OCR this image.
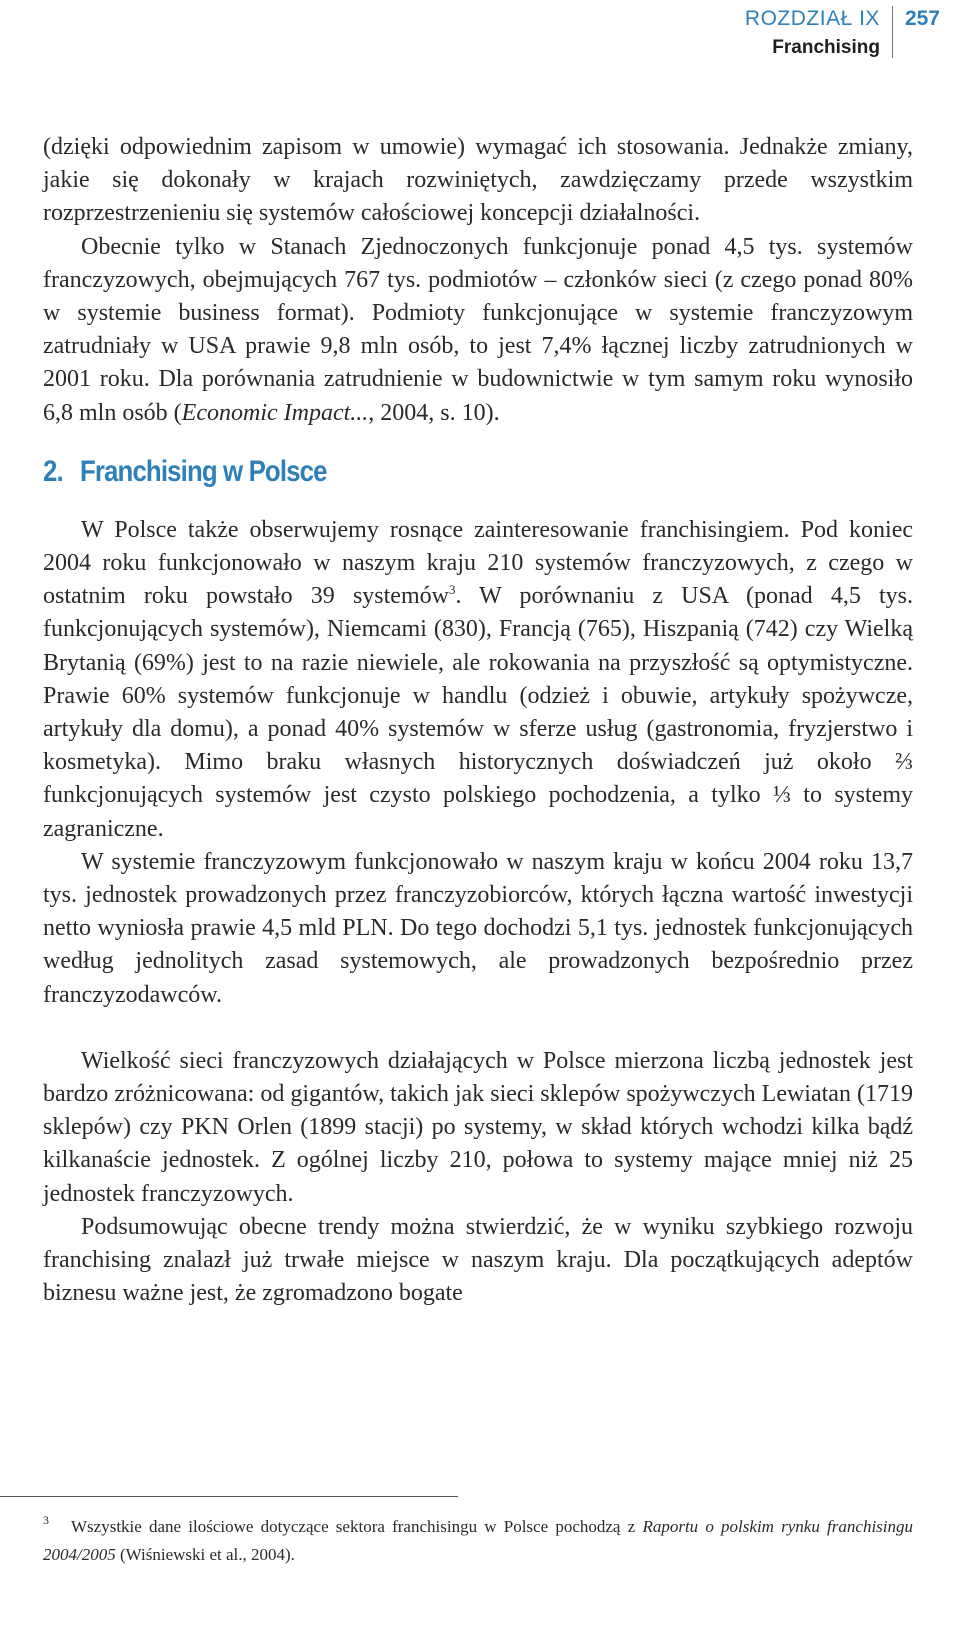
ROZDZIAŁ IX
Franchising
257

(dzięki odpowiednim zapisom w umowie) wymagać ich stosowania. Jednakże zmiany, jakie się dokonały w krajach rozwiniętych, zawdzięczamy przede wszystkim rozprzestrzenieniu się systemów całościowej koncepcji działalności.

Obecnie tylko w Stanach Zjednoczonych funkcjonuje ponad 4,5 tys. systemów franczyzowych, obejmujących 767 tys. podmiotów – członków sieci (z czego ponad 80% w systemie business format). Podmioty funkcjonujące w systemie franczyzowym zatrudniały w USA prawie 9,8 mln osób, to jest 7,4% łącznej liczby zatrudnionych w 2001 roku. Dla porównania zatrudnienie w budownictwie w tym samym roku wynosiło 6,8 mln osób (Economic Impact..., 2004, s. 10).

2. Franchising w Polsce

W Polsce także obserwujemy rosnące zainteresowanie franchisingiem. Pod koniec 2004 roku funkcjonowało w naszym kraju 210 systemów franczyzowych, z czego w ostatnim roku powstało 39 systemów$^3$. W porównaniu z USA (ponad 4,5 tys. funkcjonujących systemów), Niemcami (830), Francją (765), Hiszpanią (742) czy Wielką Brytanią (69%) jest to na razie niewiele, ale rokowania na przyszłość są optymistyczne. Prawie 60% systemów funkcjonuje w handlu (odzież i obuwie, artykuły spożywcze, artykuły dla domu), a ponad 40% systemów w sferze usług (gastronomia, fryzjerstwo i kosmetyka). Mimo braku własnych historycznych doświadczeń już około ⅔ funkcjonujących systemów jest czysto polskiego pochodzenia, a tylko ⅓ to systemy zagraniczne.

W systemie franczyzowym funkcjonowało w naszym kraju w końcu 2004 roku 13,7 tys. jednostek prowadzonych przez franczyzobiorców, których łączna wartość inwestycji netto wyniosła prawie 4,5 mld PLN. Do tego dochodzi 5,1 tys. jednostek funkcjonujących według jednolitych zasad systemowych, ale prowadzonych bezpośrednio przez franczyzodawców.

Wielkość sieci franczyzowych działających w Polsce mierzona liczbą jednostek jest bardzo zróżnicowana: od gigantów, takich jak sieci sklepów spożywczych Lewiatan (1719 sklepów) czy PKN Orlen (1899 stacji) po systemy, w skład których wchodzi kilka bądź kilkanaście jednostek. Z ogólnej liczby 210, połowa to systemy mające mniej niż 25 jednostek franczyzowych.

Podsumowując obecne trendy można stwierdzić, że w wyniku szybkiego rozwoju franchising znalazł już trwałe miejsce w naszym kraju. Dla początkujących adeptów biznesu ważne jest, że zgromadzono bogate

$^3$ Wszystkie dane ilościowe dotyczące sektora franchisingu w Polsce pochodzą z Raportu o polskim rynku franchisingu 2004/2005 (Wiśniewski et al., 2004).
